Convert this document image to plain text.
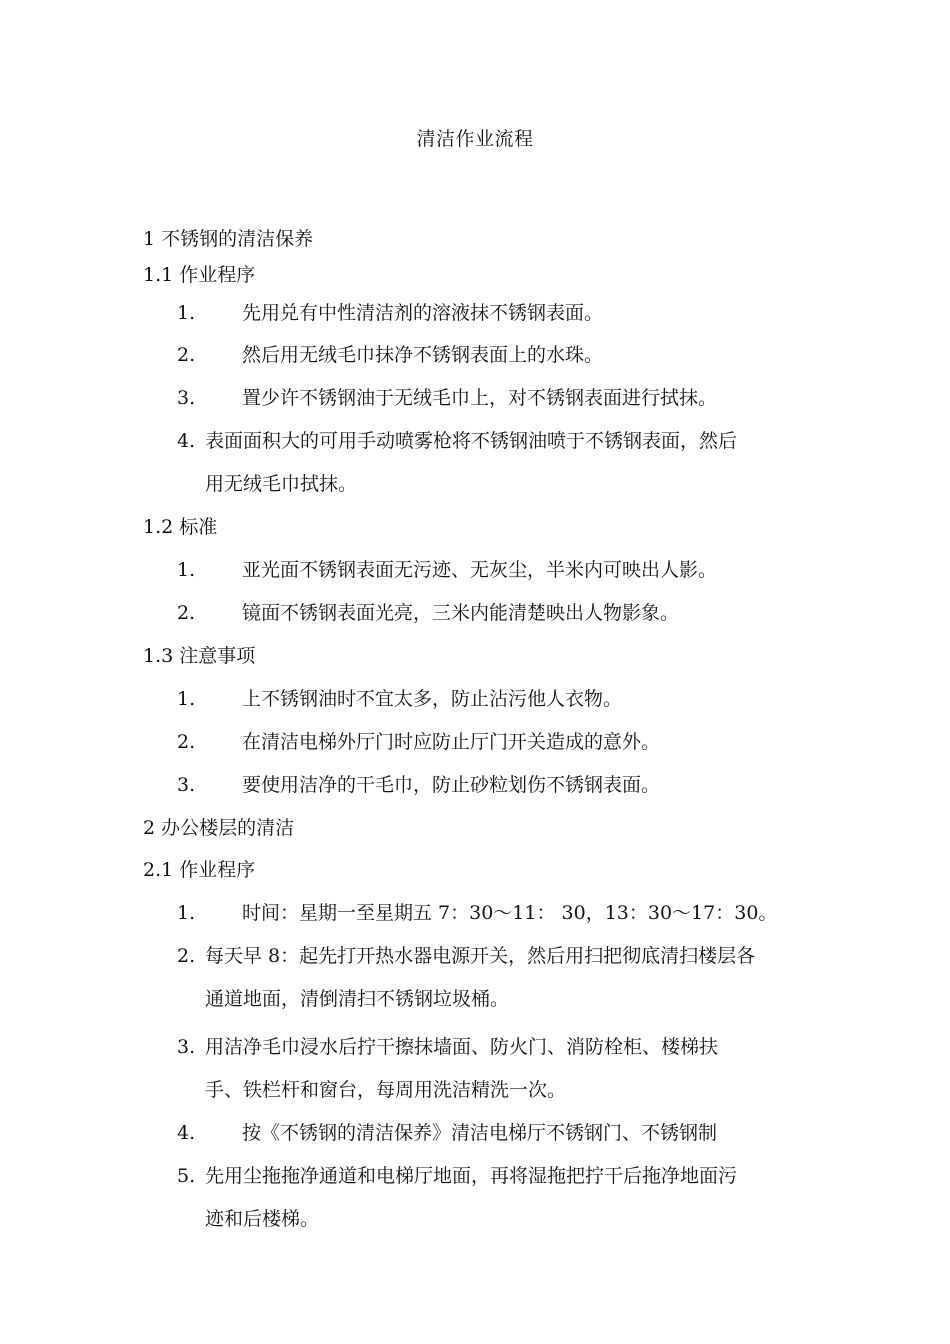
清洁作业流程
1 不锈钢的清洁保养
1.1 作业程序
1. 先用兑有中性清洁剂的溶液抹不锈钢表面。
2. 然后用无绒毛巾抹净不锈钢表面上的水珠。
3. 置少许不锈钢油于无绒毛巾上，对不锈钢表面进行拭抹。
4. 表面面积大的可用手动喷雾枪将不锈钢油喷于不锈钢表面，然后
用无绒毛巾拭抹。
1.2 标准
1. 亚光面不锈钢表面无污迹、无灰尘，半米内可映出人影。
2. 镜面不锈钢表面光亮，三米内能清楚映出人物影象。
1.3 注意事项
1. 上不锈钢油时不宜太多，防止沾污他人衣物。
2. 在清洁电梯外厅门时应防止厅门开关造成的意外。
3. 要使用洁净的干毛巾，防止砂粒划伤不锈钢表面。
2 办公楼层的清洁
2.1 作业程序
1. 时间：星期一至星期五 7：30〜11： 30，13：30〜17：30。
2. 每天早 8：起先打开热水器电源开关，然后用扫把彻底清扫楼层各
通道地面，清倒清扫不锈钢垃圾桶。
3. 用洁净毛巾浸水后拧干擦抹墙面、防火门、消防栓柜、楼梯扶
手、铁栏杆和窗台，每周用洗洁精洗一次。
4. 按《不锈钢的清洁保养》清洁电梯厅不锈钢门、不锈钢制
5. 先用尘拖拖净通道和电梯厅地面，再将湿拖把拧干后拖净地面污
迹和后楼梯。
